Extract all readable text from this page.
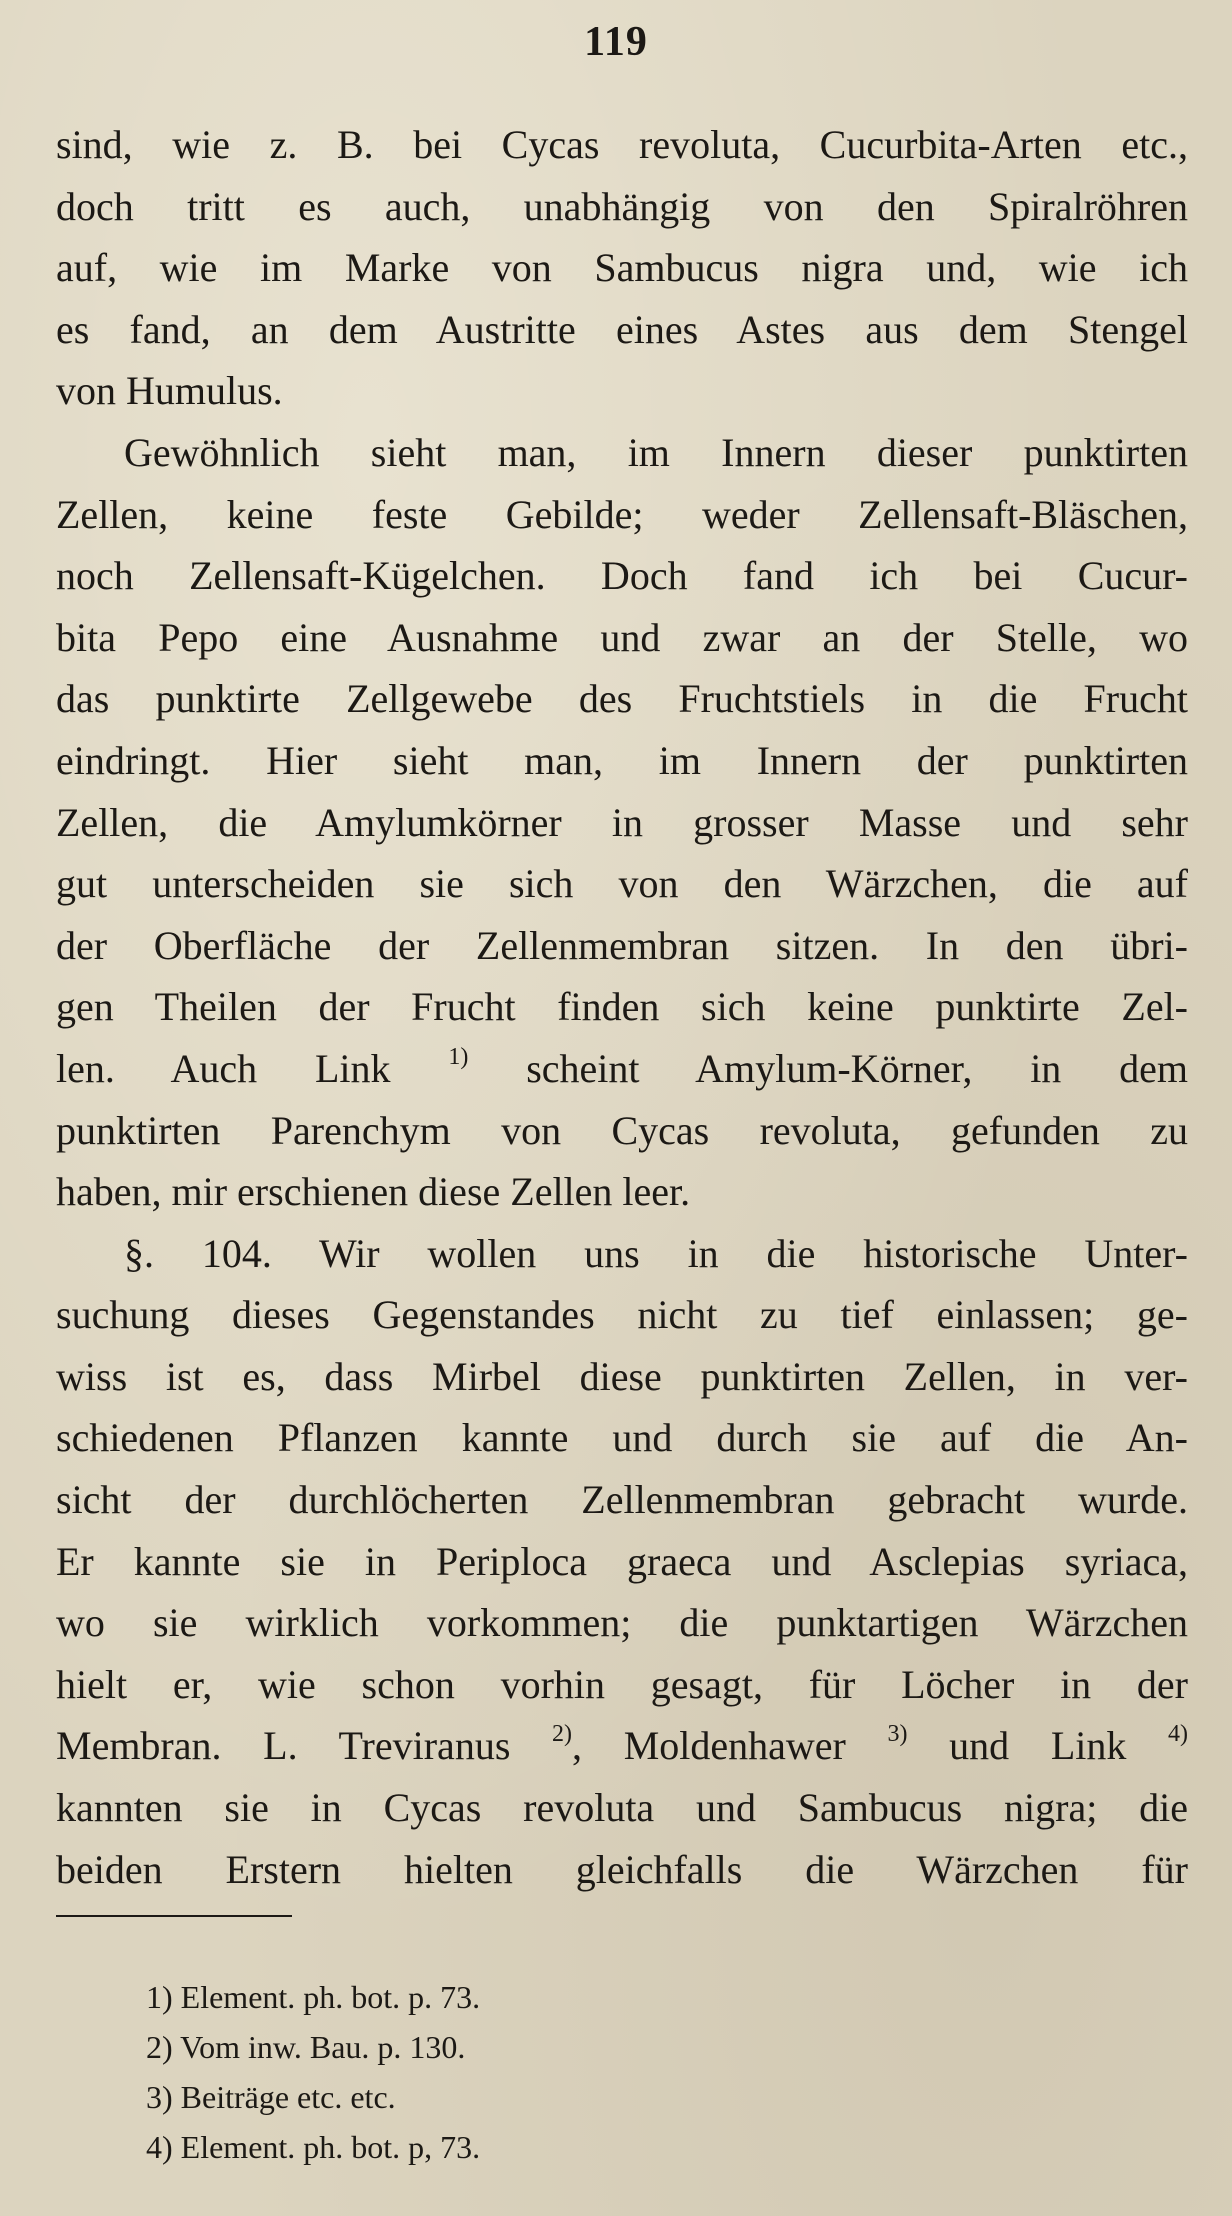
119
sind, wie z. B. bei Cycas revoluta, Cucurbita-Arten etc.,
doch tritt es auch, unabhängig von den Spiralröhren
auf, wie im Marke von Sambucus nigra und, wie ich
es fand, an dem Austritte eines Astes aus dem Stengel
von Humulus.
Gewöhnlich sieht man, im Innern dieser punktirten
Zellen, keine feste Gebilde; weder Zellensaft-Bläschen,
noch Zellensaft-Kügelchen. Doch fand ich bei Cucur-
bita Pepo eine Ausnahme und zwar an der Stelle, wo
das punktirte Zellgewebe des Fruchtstiels in die Frucht
eindringt. Hier sieht man, im Innern der punktirten
Zellen, die Amylumkörner in grosser Masse und sehr
gut unterscheiden sie sich von den Wärzchen, die auf
der Oberfläche der Zellenmembran sitzen. In den übri-
gen Theilen der Frucht finden sich keine punktirte Zel-
len. Auch Link $^{1)}$ scheint Amylum-Körner, in dem
punktirten Parenchym von Cycas revoluta, gefunden zu
haben, mir erschienen diese Zellen leer.
§. 104. Wir wollen uns in die historische Unter-
suchung dieses Gegenstandes nicht zu tief einlassen; ge-
wiss ist es, dass Mirbel diese punktirten Zellen, in ver-
schiedenen Pflanzen kannte und durch sie auf die An-
sicht der durchlöcherten Zellenmembran gebracht wurde.
Er kannte sie in Periploca graeca und Asclepias syriaca,
wo sie wirklich vorkommen; die punktartigen Wärzchen
hielt er, wie schon vorhin gesagt, für Löcher in der
Membran. L. Treviranus $^{2)}$, Moldenhawer $^{3)}$ und Link $^{4)}$
kannten sie in Cycas revoluta und Sambucus nigra; die
beiden Erstern hielten gleichfalls die Wärzchen für
1) Element. ph. bot. p. 73.
2) Vom inw. Bau. p. 130.
3) Beiträge etc. etc.
4) Element. ph. bot. p, 73.
